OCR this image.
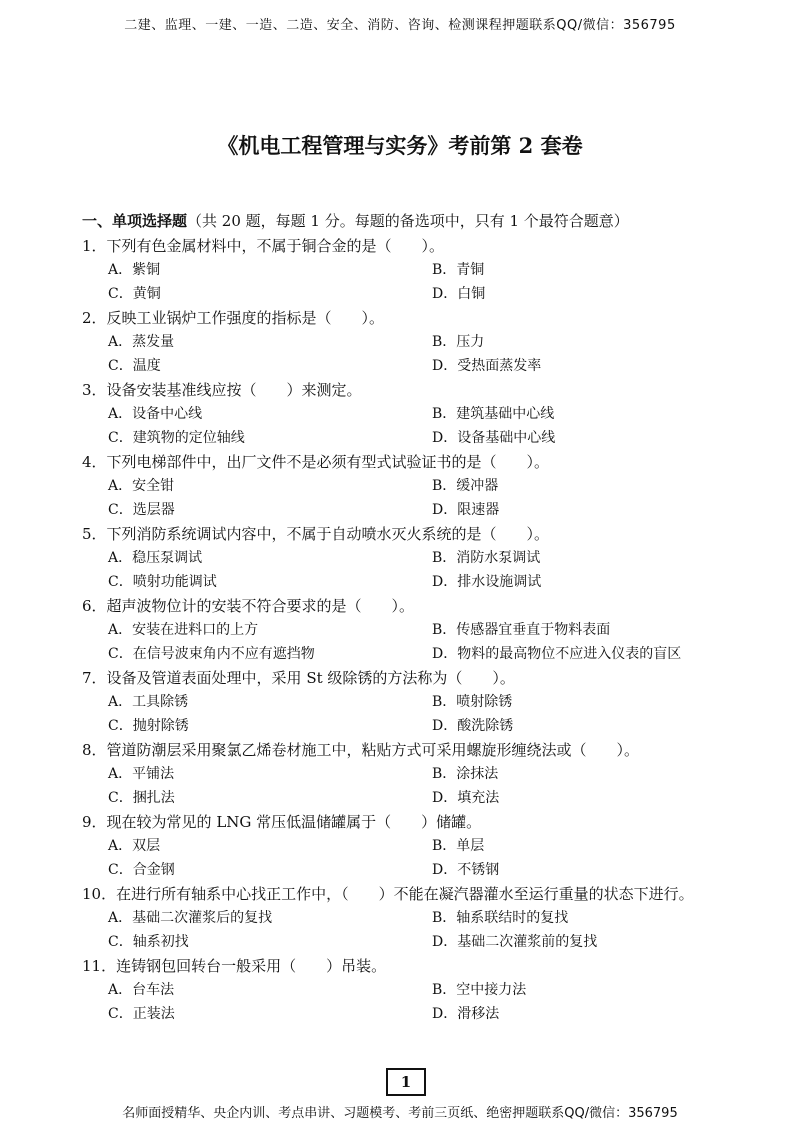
二建、监理、一建、一造、二造、安全、消防、咨询、检测课程押题联系QQ/微信：356795
《机电工程管理与实务》考前第 2 套卷
一、单项选择题（共 20 题，每题 1 分。每题的备选项中，只有 1 个最符合题意）
1．下列有色金属材料中，不属于铜合金的是（　　）。
A．紫铜	B．青铜
C．黄铜	D．白铜
2．反映工业锅炉工作强度的指标是（　　）。
A．蒸发量	B．压力
C．温度	D．受热面蒸发率
3．设备安装基准线应按（　　）来测定。
A．设备中心线	B．建筑基础中心线
C．建筑物的定位轴线	D．设备基础中心线
4．下列电梯部件中，出厂文件不是必须有型式试验证书的是（　　）。
A．安全钳	B．缓冲器
C．选层器	D．限速器
5．下列消防系统调试内容中，不属于自动喷水灭火系统的是（　　）。
A．稳压泵调试	B．消防水泵调试
C．喷射功能调试	D．排水设施调试
6．超声波物位计的安装不符合要求的是（　　）。
A．安装在进料口的上方	B．传感器宜垂直于物料表面
C．在信号波束角内不应有遮挡物	D．物料的最高物位不应进入仪表的盲区
7．设备及管道表面处理中，采用 St 级除锈的方法称为（　　）。
A．工具除锈	B．喷射除锈
C．抛射除锈	D．酸洗除锈
8．管道防潮层采用聚氯乙烯卷材施工中，粘贴方式可采用螺旋形缠绕法或（　　）。
A．平铺法	B．涂抹法
C．捆扎法	D．填充法
9．现在较为常见的 LNG 常压低温储罐属于（　　）储罐。
A．双层	B．单层
C．合金钢	D．不锈钢
10．在进行所有轴系中心找正工作中，（　　）不能在凝汽器灌水至运行重量的状态下进行。
A．基础二次灌浆后的复找	B．轴系联结时的复找
C．轴系初找	D．基础二次灌浆前的复找
11．连铸钢包回转台一般采用（　　）吊装。
A．台车法	B．空中接力法
C．正装法	D．滑移法
1
名师面授精华、央企内训、考点串讲、习题模考、考前三页纸、绝密押题联系QQ/微信：356795
